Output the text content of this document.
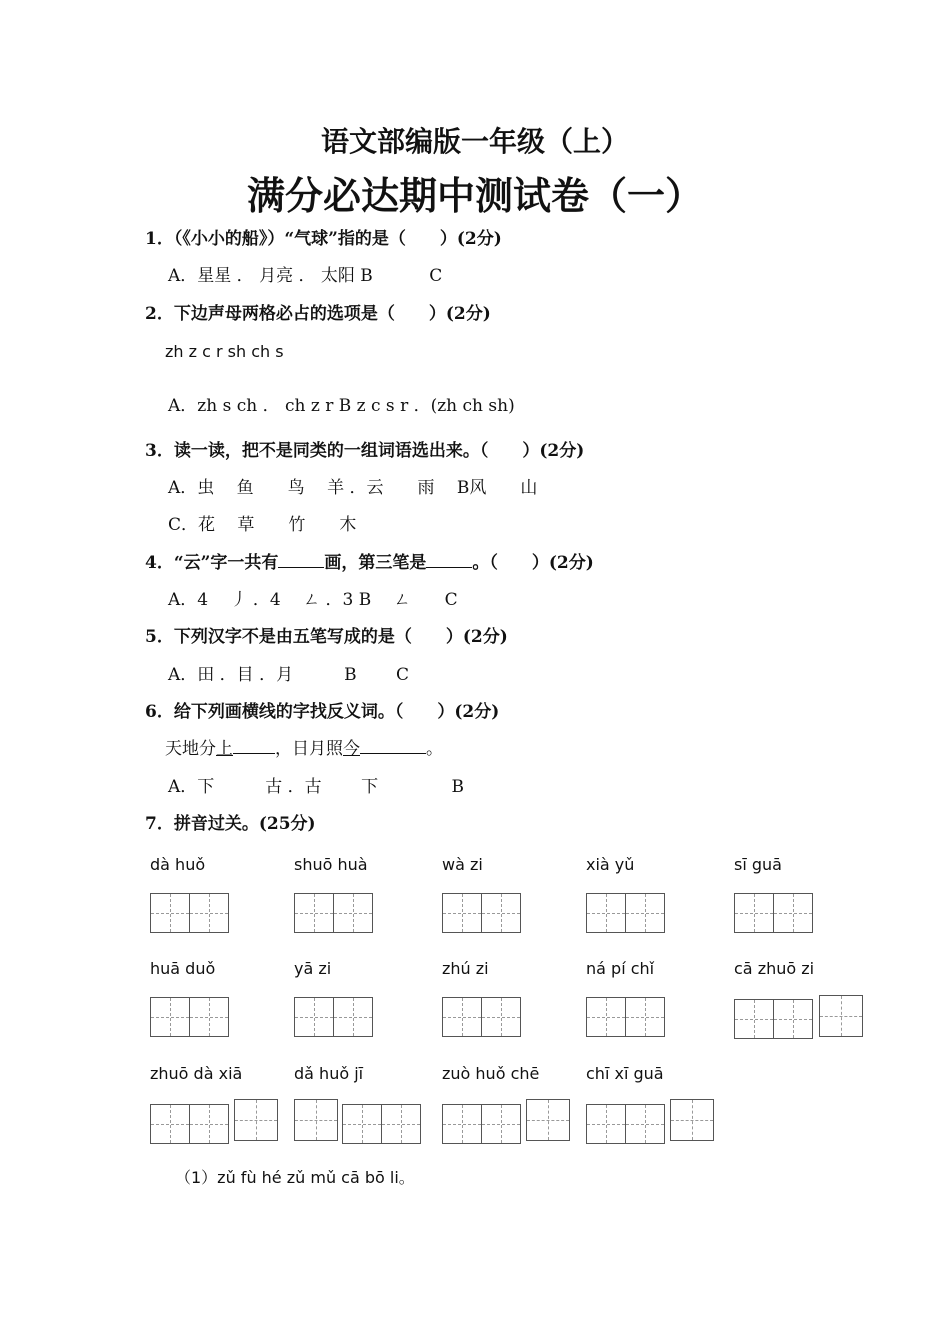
语文部编版一年级（上）
满分必达期中测试卷（一）
1．（《小小的船》）“气球”指的是（　　）(2分)
A．星星 ． 月亮 ． 太阳 B 　　　C
2．下边声母两格必占的选项是（　　）(2分)
zh z c r sh ch s
A．zh s ch ． ch z r B z c s r ．(zh ch sh)
3．读一读，把不是同类的一组词语选出来。（　　）(2分)
A．虫　 鱼　　鸟　 羊 ．云　　雨　 B风　　山
C．花　 草　　竹　　木
4．“云”字一共有	画，第三笔是	。（　　）(2分)
A．4　 丿 ．4　 ㄥ ．3 B　 ㄥ　　C
5．下列汉字不是由五笔写成的是（　　）(2分)
A．田 ．目 ．月　　　B　　 C
6．给下列画横线的字找反义词。（　　）(2分)
天地分上 ，日月照今	。
A．下　　　古 ．古　　 下　　　　 B
7．拼音过关。(25分)
dà huǒ	shuō huà	wà zi	xià yǔ	sī guā
huā duǒ	yā zi	zhú zi	ná pí chǐ	cā zhuō zi
zhuō dà xiā	dǎ huǒ jī	zuò huǒ chē	chī xī guā
（1）zǔ fù hé zǔ mǔ cā bō li。
